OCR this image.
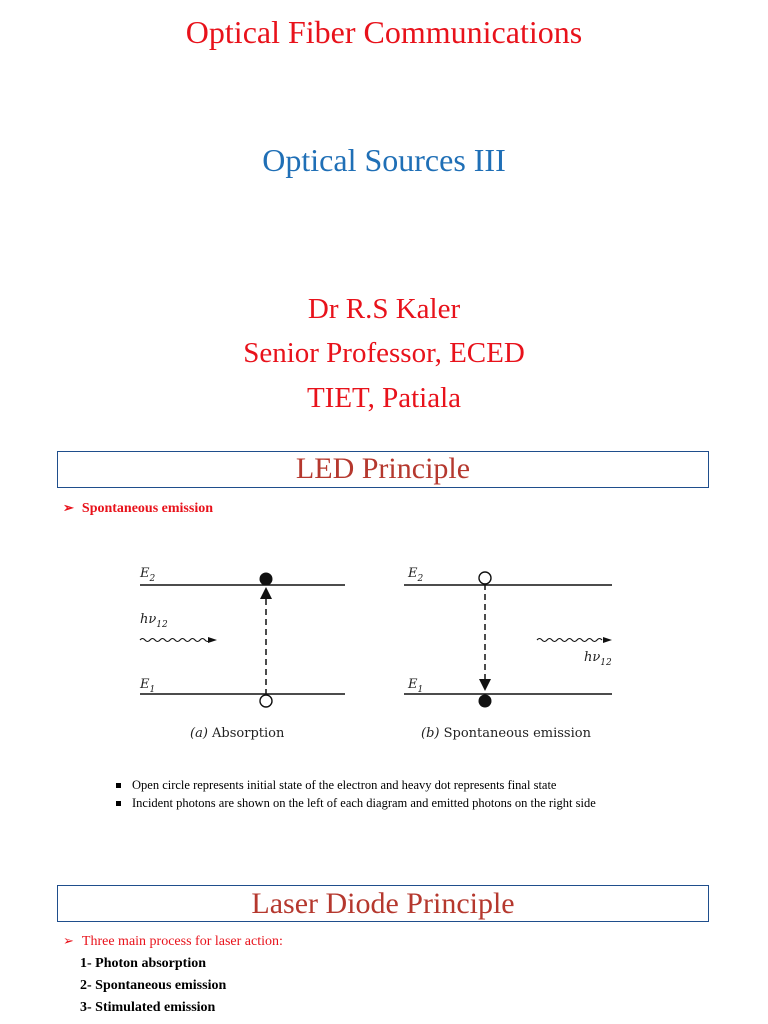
Optical Fiber Communications
Optical Sources III
Dr R.S Kaler
Senior Professor, ECED
TIET, Patiala
LED Principle
➢ Spontaneous emission
$E_2$
$E_1$
$h\nu_{12}$
(a) Absorption
$E_2$
$E_1$
$h\nu_{12}$
(b) Spontaneous emission
Open circle represents initial state of the electron and heavy dot represents final state
Incident photons are shown on the left of each diagram and emitted photons on the right side
Laser Diode Principle
➢ Three main process for laser action:
1- Photon absorption
2- Spontaneous emission
3- Stimulated emission
